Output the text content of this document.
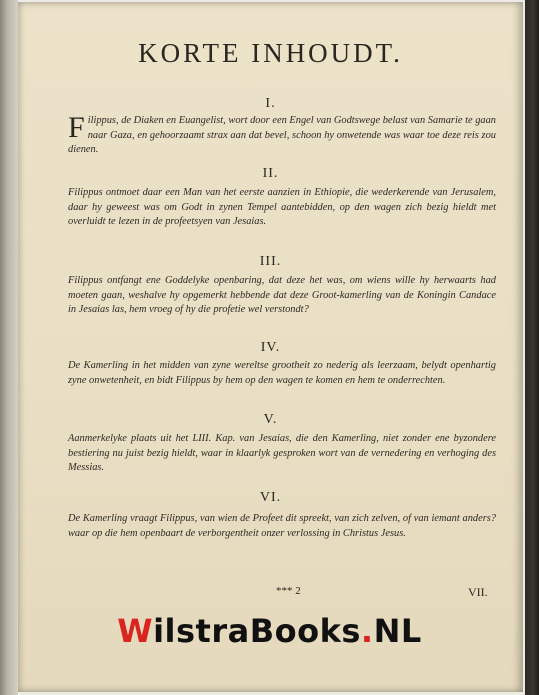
KORTE INHOUDT.
I.
Filippus, de Diaken en Euangelist, wort door een Engel van Godtswege belast van Samarie te gaan naar Gaza, en gehoorzaamt strax aan dat bevel, schoon hy onwetende was waar toe deze reis zou dienen.
II.
Filippus ontmoet daar een Man van het eerste aanzien in Ethiopie, die wederkerende van Jerusalem, daar hy geweest was om Godt in zynen Tempel aantebidden, op den wagen zich bezig hieldt met overluidt te lezen in de profeetsyen van Jesaias.
III.
Filippus ontfangt ene Goddelyke openbaring, dat deze het was, om wiens wille hy herwaarts had moeten gaan, weshalve hy opgemerkt hebbende dat deze Groot-kamerling van de Koningin Candace in Jesaias las, hem vroeg of hy die profetie wel verstondt?
IV.
De Kamerling in het midden van zyne wereltse grootheit zo nederig als leerzaam, belydt openhartig zyne onwetenheit, en bidt Filippus by hem op den wagen te komen en hem te onderrechten.
V.
Aanmerkelyke plaats uit het LIII. Kap. van Jesaias, die den Kamerling, niet zonder ene byzondere bestiering nu juist bezig hieldt, waar in klaarlyk gesproken wort van de vernedering en verhoging des Messias.
VI.
De Kamerling vraagt Filippus, van wien de Profeet dit spreekt, van zich zelven, of van iemant anders? waar op die hem openbaart de verborgentheit onzer verlossing in Christus Jesus.
*** 2	VII.
WilstraBooks.NL
